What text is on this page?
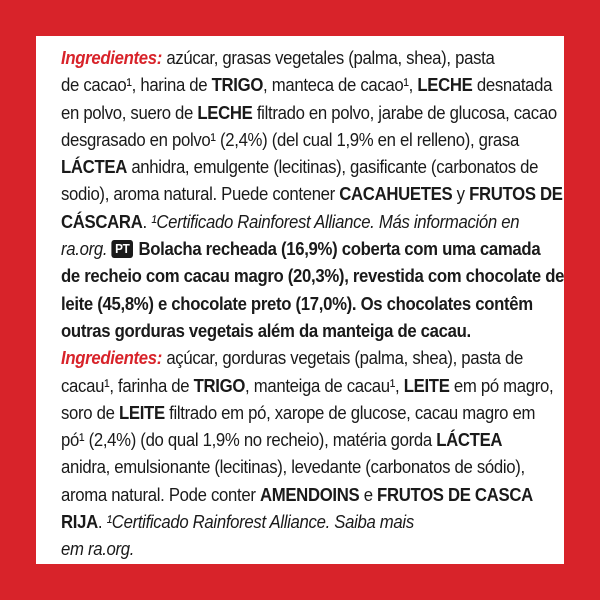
Ingredientes: azúcar, grasas vegetales (palma, shea), pasta
de cacao¹, harina de TRIGO, manteca de cacao¹, LECHE desnatada
en polvo, suero de LECHE filtrado en polvo, jarabe de glucosa, cacao
desgrasado en polvo¹ (2,4%) (del cual 1,9% en el relleno), grasa
LÁCTEA anhidra, emulgente (lecitinas), gasificante (carbonatos de
sodio), aroma natural. Puede contener CACAHUETES y FRUTOS DE
CÁSCARA. ¹Certificado Rainforest Alliance. Más información en
ra.org. PT Bolacha recheada (16,9%) coberta com uma camada
de recheio com cacau magro (20,3%), revestida com chocolate de
leite (45,8%) e chocolate preto (17,0%). Os chocolates contêm
outras gorduras vegetais além da manteiga de cacau.
Ingredientes: açúcar, gorduras vegetais (palma, shea), pasta de
cacau¹, farinha de TRIGO, manteiga de cacau¹, LEITE em pó magro,
soro de LEITE filtrado em pó, xarope de glucose, cacau magro em
pó¹ (2,4%) (do qual 1,9% no recheio), matéria gorda LÁCTEA
anidra, emulsionante (lecitinas), levedante (carbonatos de sódio),
aroma natural. Pode conter AMENDOINS e FRUTOS DE CASCA
RIJA. ¹Certificado Rainforest Alliance. Saiba mais
em ra.org.
